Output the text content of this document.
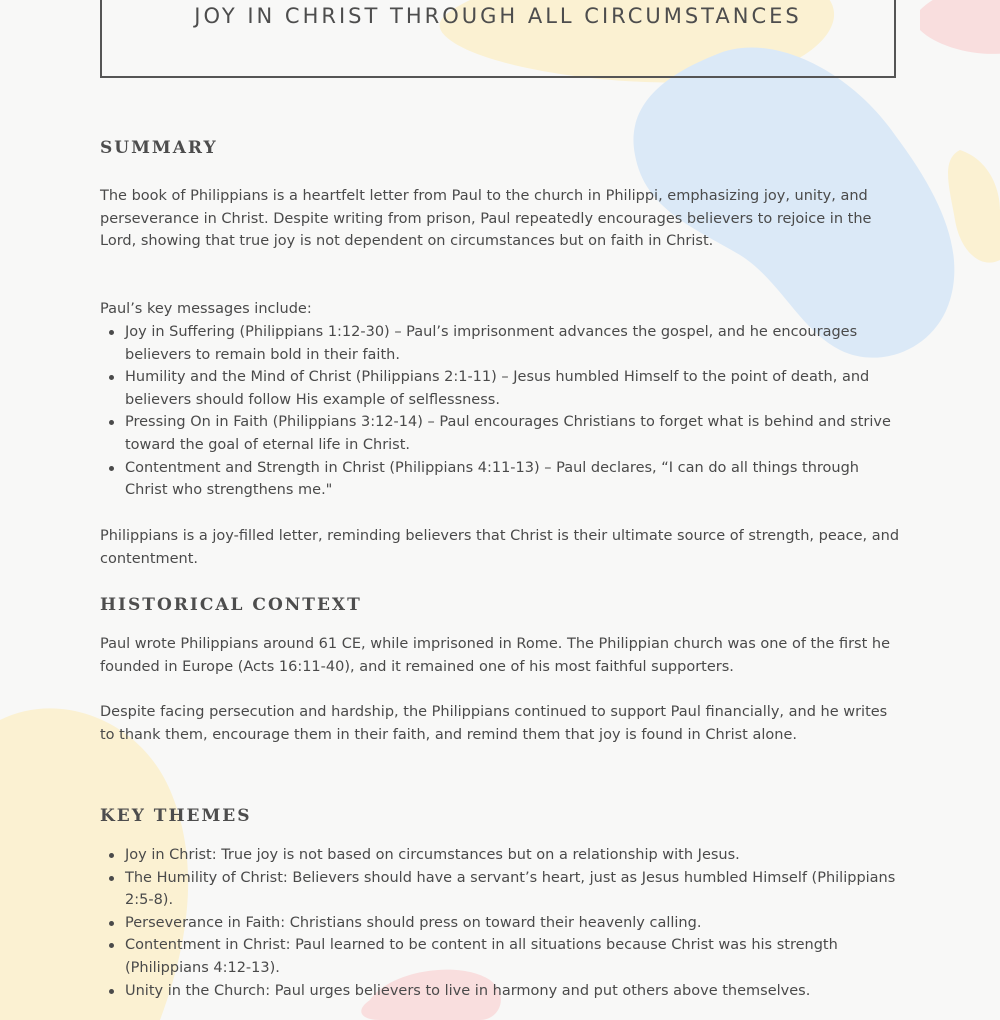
JOY IN CHRIST THROUGH ALL CIRCUMSTANCES
SUMMARY

The book of Philippians is a heartfelt letter from Paul to the church in Philippi, emphasizing joy, unity, and perseverance in Christ. Despite writing from prison, Paul repeatedly encourages believers to rejoice in the Lord, showing that true joy is not dependent on circumstances but on faith in Christ.

Paul’s key messages include:

Joy in Suffering (Philippians 1:12-30) – Paul’s imprisonment advances the gospel, and he encourages believers to remain bold in their faith.
Humility and the Mind of Christ (Philippians 2:1-11) – Jesus humbled Himself to the point of death, and believers should follow His example of selflessness.
Pressing On in Faith (Philippians 3:12-14) – Paul encourages Christians to forget what is behind and strive toward the goal of eternal life in Christ.
Contentment and Strength in Christ (Philippians 4:11-13) – Paul declares, “I can do all things through Christ who strengthens me."

Philippians is a joy-filled letter, reminding believers that Christ is their ultimate source of strength, peace, and contentment.

HISTORICAL CONTEXT

Paul wrote Philippians around 61 CE, while imprisoned in Rome. The Philippian church was one of the first he founded in Europe (Acts 16:11-40), and it remained one of his most faithful supporters.

Despite facing persecution and hardship, the Philippians continued to support Paul financially, and he writes to thank them, encourage them in their faith, and remind them that joy is found in Christ alone.

KEY THEMES
Joy in Christ: True joy is not based on circumstances but on a relationship with Jesus.
The Humility of Christ: Believers should have a servant’s heart, just as Jesus humbled Himself (Philippians 2:5-8).
Perseverance in Faith: Christians should press on toward their heavenly calling.
Contentment in Christ: Paul learned to be content in all situations because Christ was his strength (Philippians 4:12-13).
Unity in the Church: Paul urges believers to live in harmony and put others above themselves.
